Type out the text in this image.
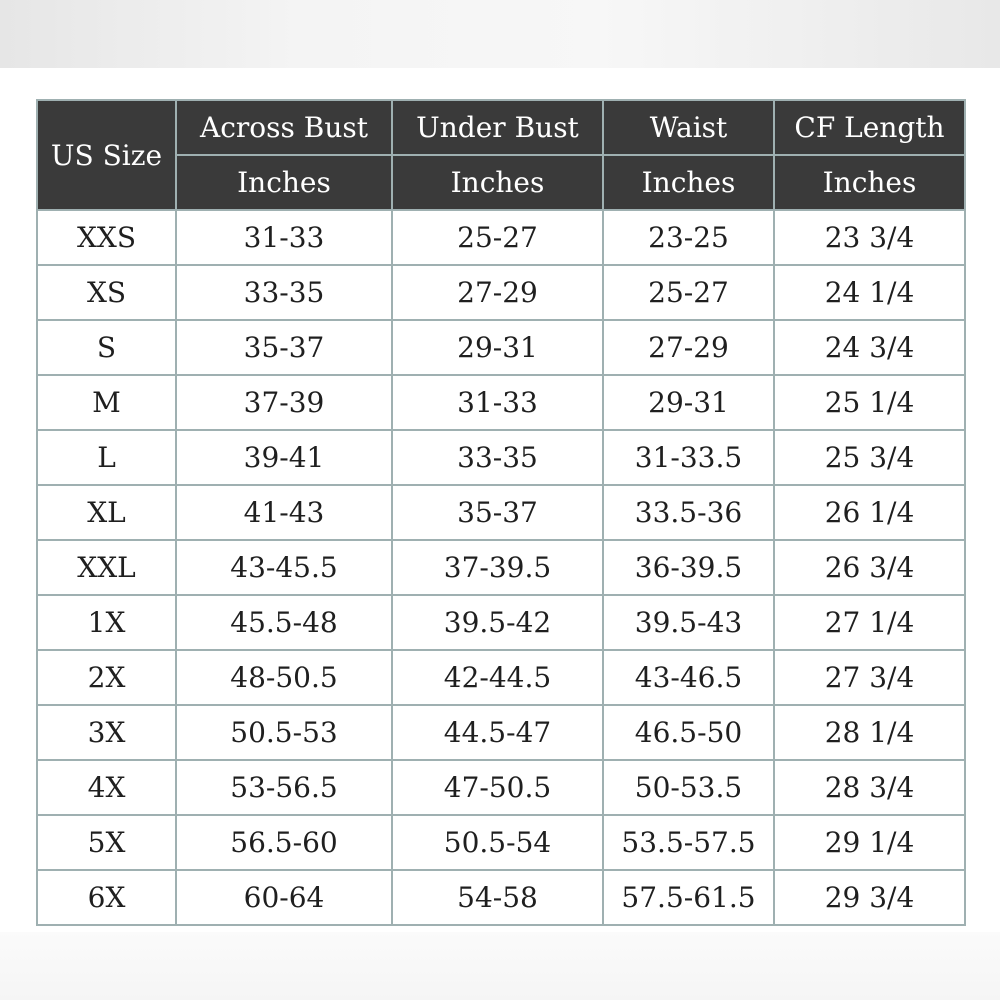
US Size	Across Bust	Under Bust	Waist	CF Length
	Inches	Inches	Inches	Inches
XXS	31-33	25-27	23-25	23 3/4
XS	33-35	27-29	25-27	24 1/4
S	35-37	29-31	27-29	24 3/4
M	37-39	31-33	29-31	25 1/4
L	39-41	33-35	31-33.5	25 3/4
XL	41-43	35-37	33.5-36	26 1/4
XXL	43-45.5	37-39.5	36-39.5	26 3/4
1X	45.5-48	39.5-42	39.5-43	27 1/4
2X	48-50.5	42-44.5	43-46.5	27 3/4
3X	50.5-53	44.5-47	46.5-50	28 1/4
4X	53-56.5	47-50.5	50-53.5	28 3/4
5X	56.5-60	50.5-54	53.5-57.5	29 1/4
6X	60-64	54-58	57.5-61.5	29 3/4
